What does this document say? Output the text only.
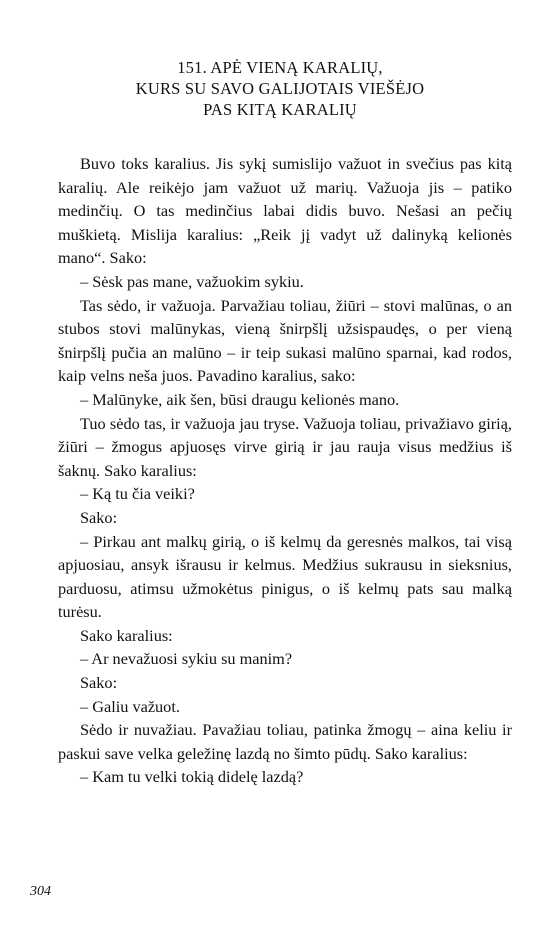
151. APĖ VIENĄ KARALIŲ,
KURS SU SAVO GALIJOTAIS VIEŠĖJO
PAS KITĄ KARALIŲ

Buvo toks karalius. Jis sykį sumislijo važuot in svečius pas kitą karalių. Ale reikėjo jam važuot už marių. Važuoja jis – patiko medinčių. O tas medinčius labai didis buvo. Nešasi an pečių muškietą. Mislija karalius: „Reik jį vadyt už dalinyką kelionės mano“. Sako:

– Sėsk pas mane, važuokim sykiu.

Tas sėdo, ir važuoja. Parvažiau toliau, žiūri – stovi malūnas, o an stubos stovi malūnykas, vieną šnirpšlį užsispaudęs, o per vieną šnirpšlį pučia an malūno – ir teip sukasi malūno sparnai, kad rodos, kaip velns neša juos. Pavadino karalius, sako:

– Malūnyke, aik šen, būsi draugu kelionės mano.

Tuo sėdo tas, ir važuoja jau tryse. Važuoja toliau, privažiavo girią, žiūri – žmogus apjuosęs virve girią ir jau rauja visus medžius iš šaknų. Sako karalius:

– Ką tu čia veiki?

Sako:

– Pirkau ant malkų girią, o iš kelmų da geresnės malkos, tai visą apjuosiau, ansyk išrausu ir kelmus. Medžius sukrausu in sieksnius, parduosu, atimsu užmokėtus pinigus, o iš kelmų pats sau malką turėsu.

Sako karalius:

– Ar nevažuosi sykiu su manim?

Sako:

– Galiu važuot.

Sėdo ir nuvažiau. Pavažiau toliau, patinka žmogų – aina keliu ir paskui save velka geležinę lazdą no šimto pūdų. Sako karalius:

– Kam tu velki tokią didelę lazdą?

304
